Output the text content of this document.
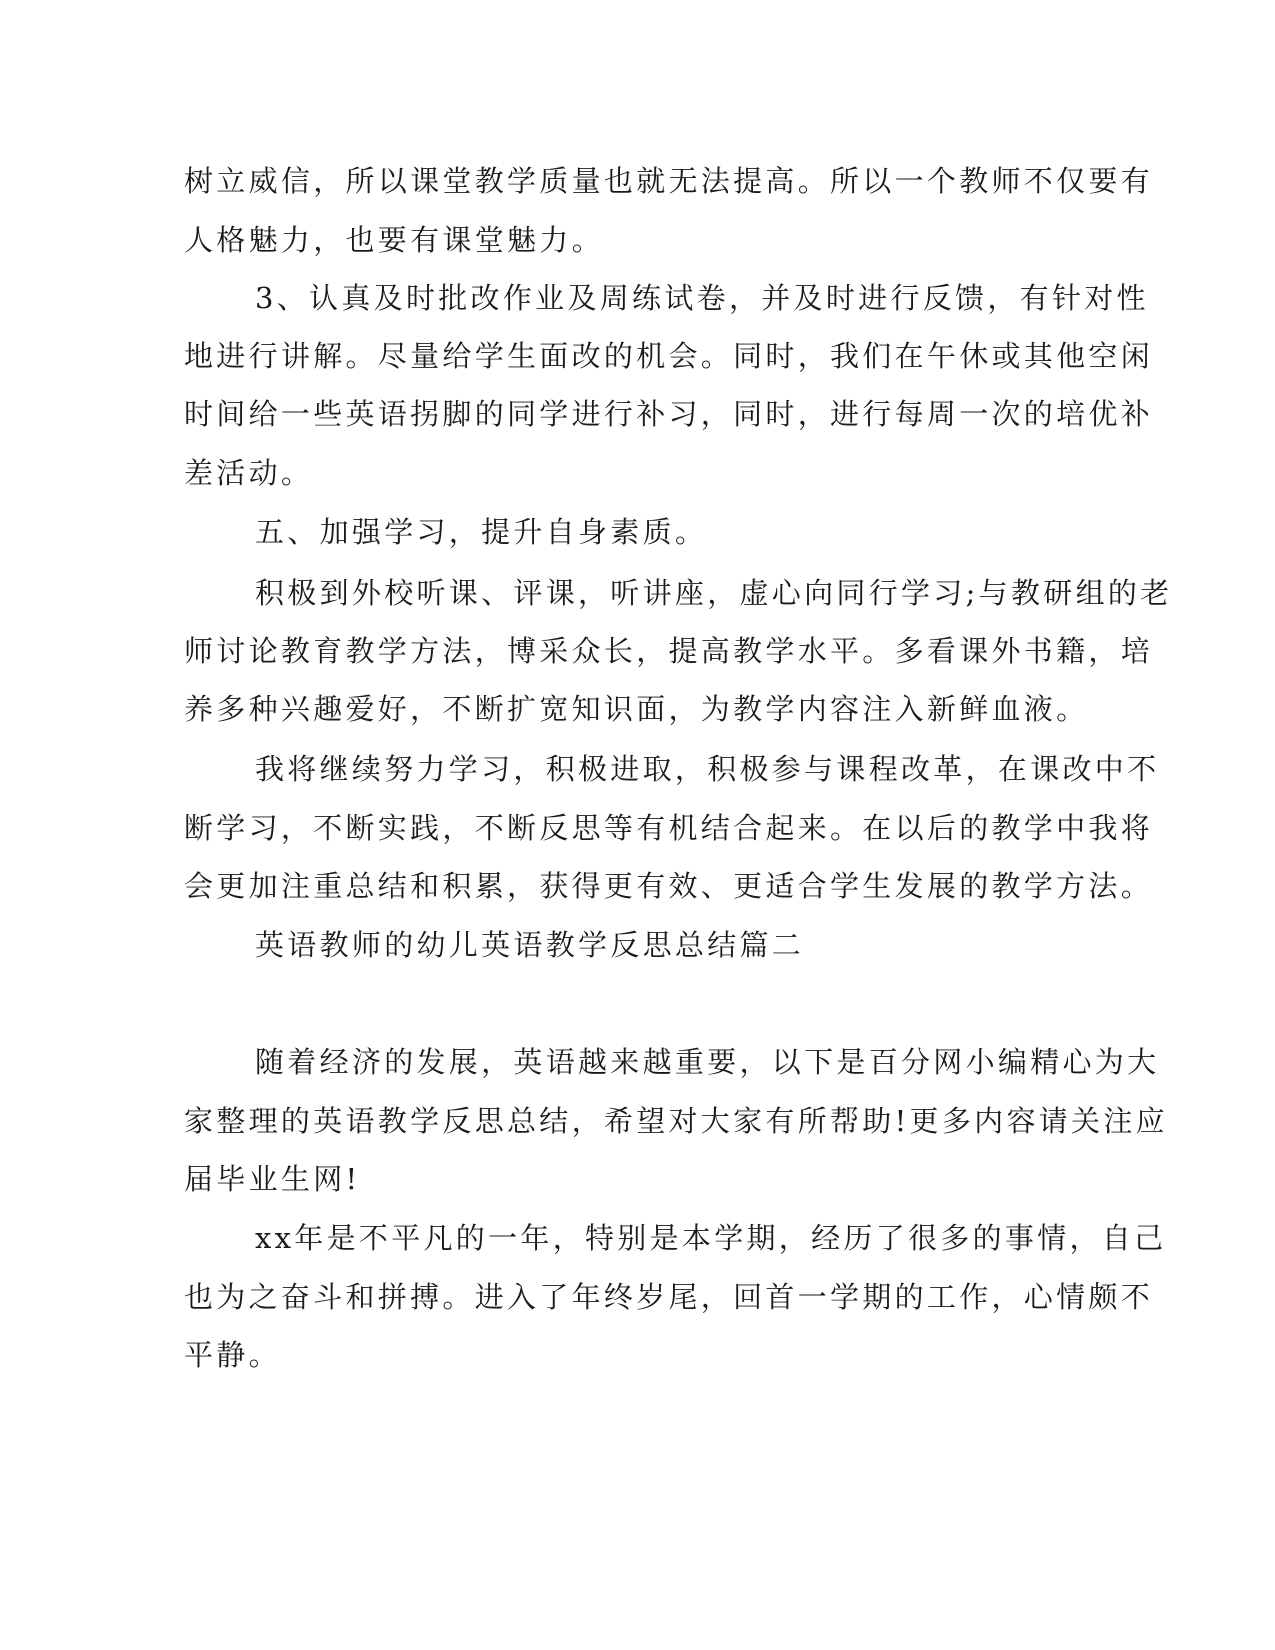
树立威信，所以课堂教学质量也就无法提高。所以一个教师不仅要有
人格魅力，也要有课堂魅力。
3、认真及时批改作业及周练试卷，并及时进行反馈，有针对性
地进行讲解。尽量给学生面改的机会。同时，我们在午休或其他空闲
时间给一些英语拐脚的同学进行补习，同时，进行每周一次的培优补
差活动。
五、加强学习，提升自身素质。
积极到外校听课、评课，听讲座，虚心向同行学习;与教研组的老
师讨论教育教学方法，博采众长，提高教学水平。多看课外书籍，培
养多种兴趣爱好，不断扩宽知识面，为教学内容注入新鲜血液。
我将继续努力学习，积极进取，积极参与课程改革，在课改中不
断学习，不断实践，不断反思等有机结合起来。在以后的教学中我将
会更加注重总结和积累，获得更有效、更适合学生发展的教学方法。
英语教师的幼儿英语教学反思总结篇二
随着经济的发展，英语越来越重要，以下是百分网小编精心为大
家整理的英语教学反思总结，希望对大家有所帮助!更多内容请关注应
届毕业生网!
xx年是不平凡的一年，特别是本学期，经历了很多的事情，自己
也为之奋斗和拼搏。进入了年终岁尾，回首一学期的工作，心情颇不
平静。
